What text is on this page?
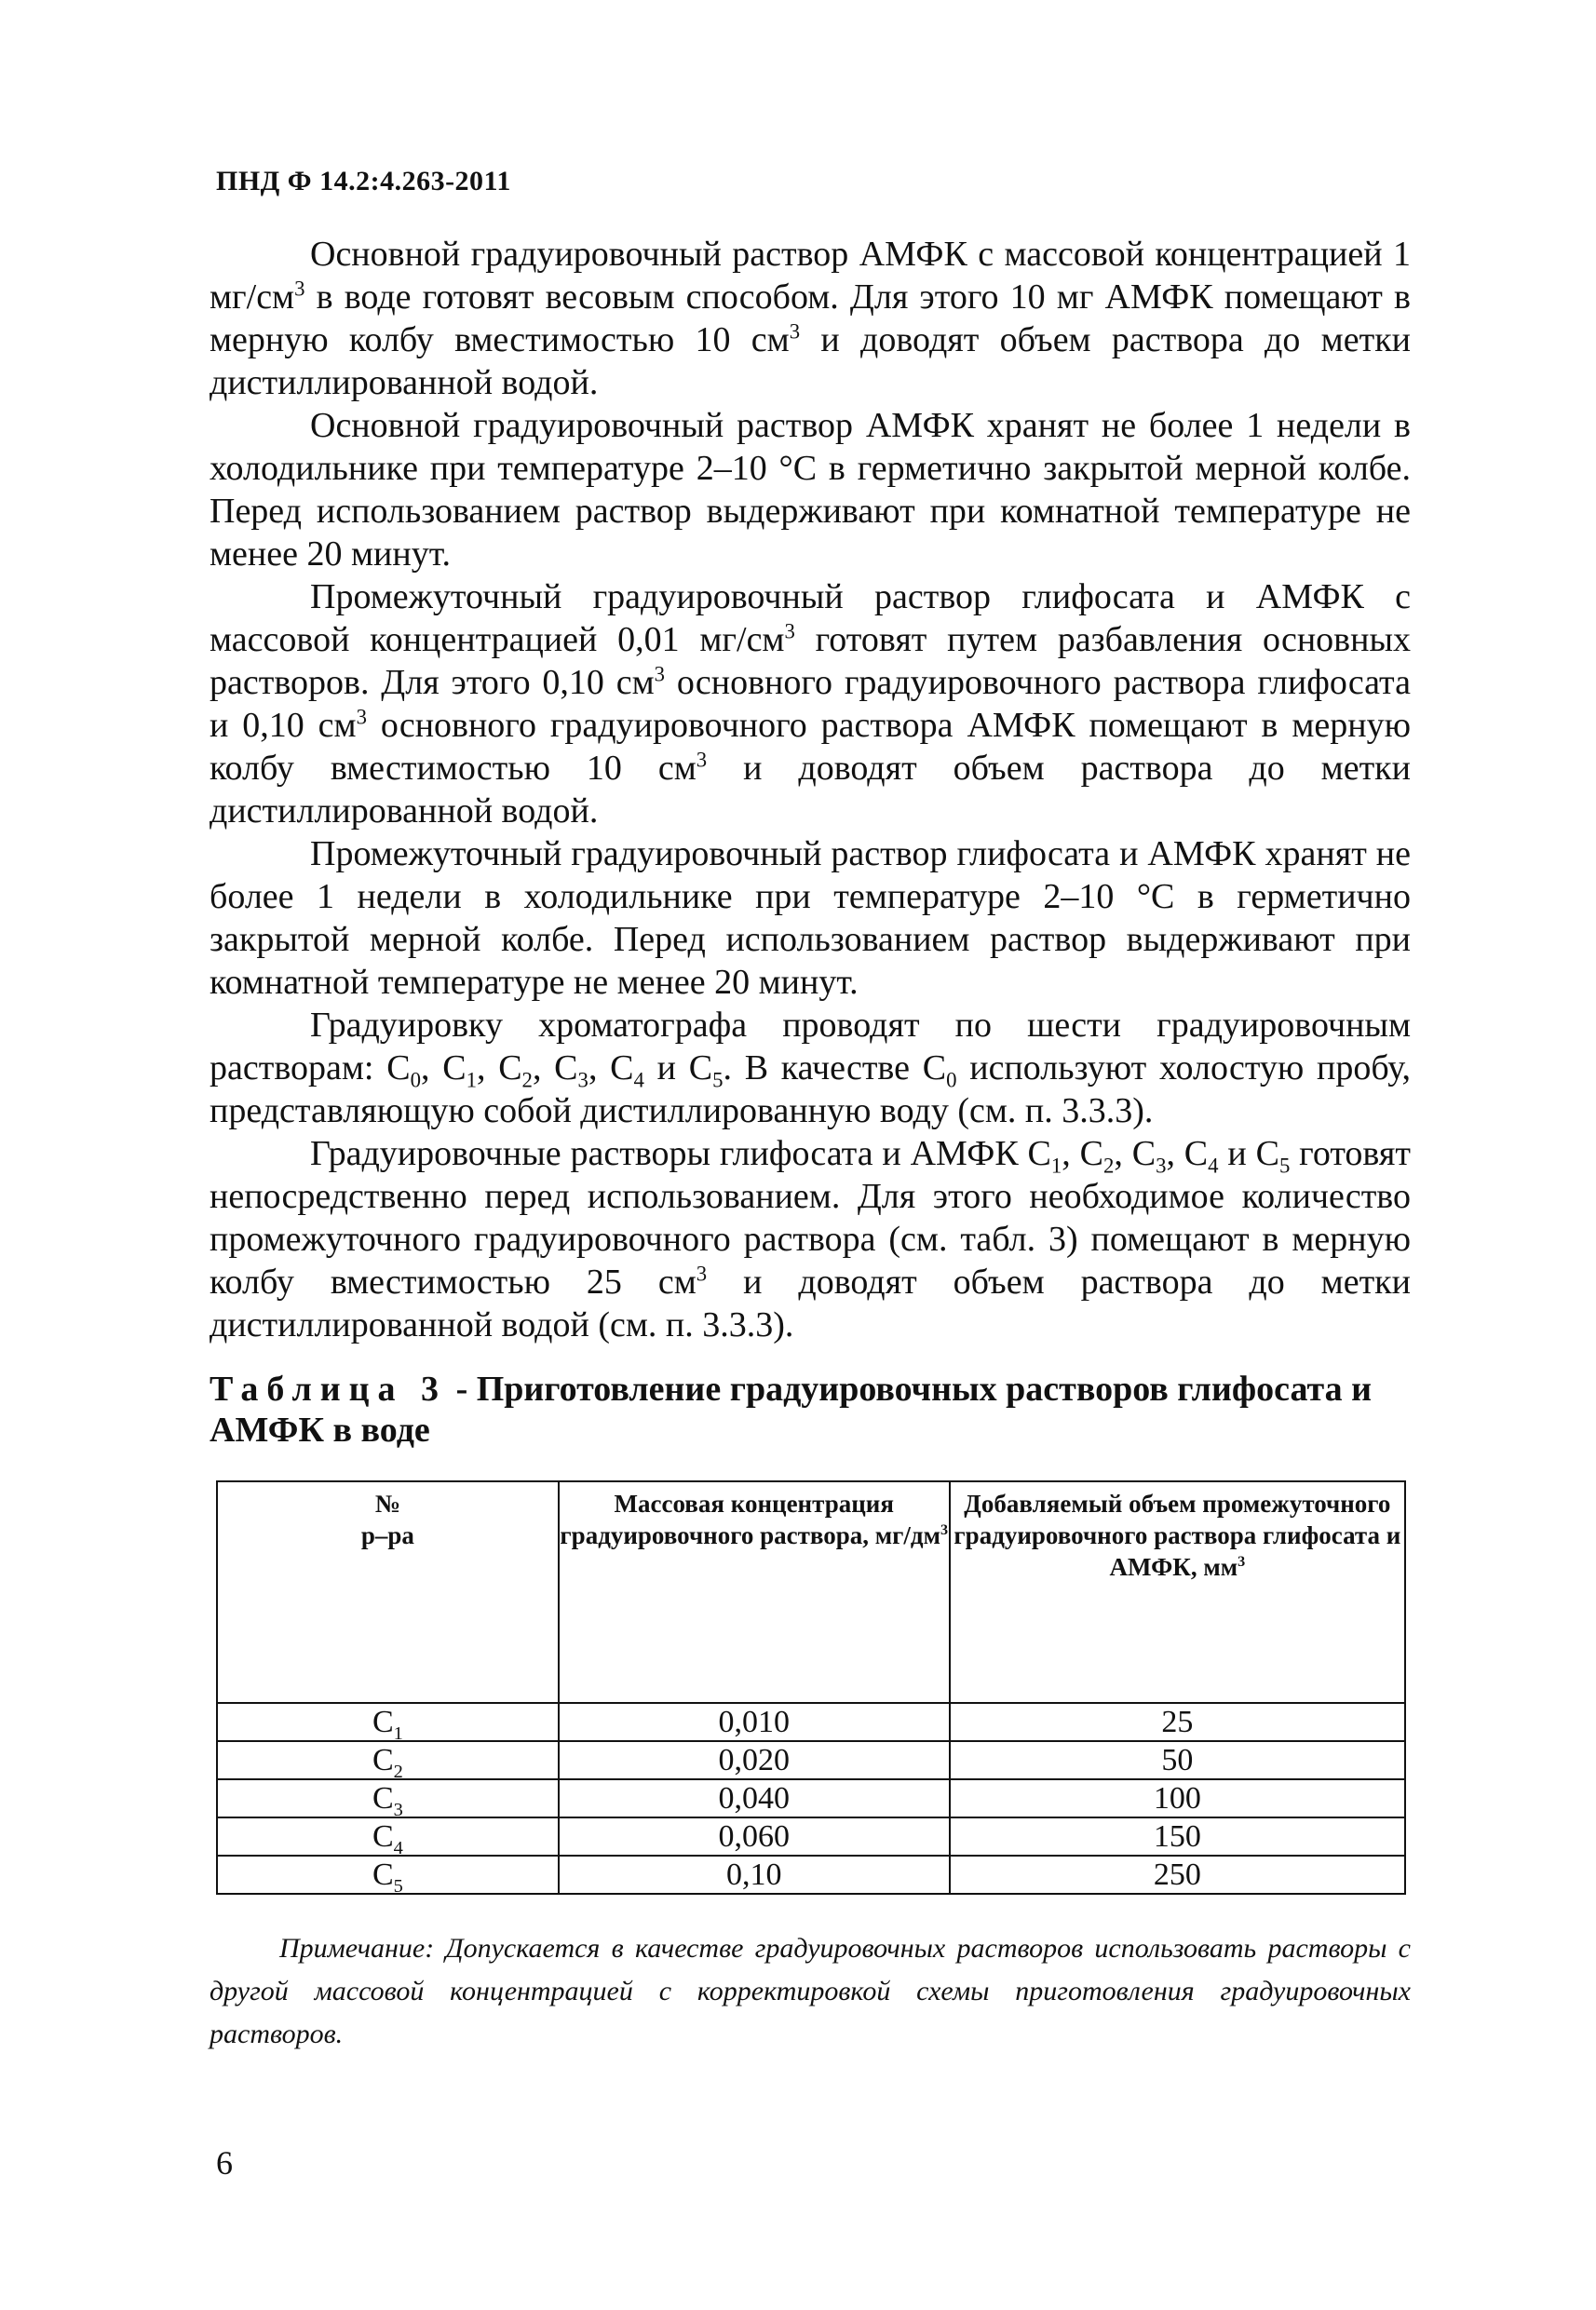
ПНД Ф 14.2:4.263-2011

Основной градуировочный раствор АМФК с массовой концентрацией 1 $мг/см^3$ в воде готовят весовым способом. Для этого 10 мг АМФК помещают в мерную колбу вместимостью 10 $см^3$ и доводят объем раствора до метки дистиллированной водой.

Основной градуировочный раствор АМФК хранят не более 1 недели в холодильнике при температуре 2–10 °С в герметично закрытой мерной колбе. Перед использованием раствор выдерживают при комнатной температуре не менее 20 минут.

Промежуточный градуировочный раствор глифосата и АМФК с массовой концентрацией 0,01 $мг/см^3$ готовят путем разбавления основных растворов. Для этого 0,10 $см^3$ основного градуировочного раствора глифосата и 0,10 $см^3$ основного градуировочного раствора АМФК помещают в мерную колбу вместимостью 10 $см^3$ и доводят объем раствора до метки дистиллированной водой.

Промежуточный градуировочный раствор глифосата и АМФК хранят не более 1 недели в холодильнике при температуре 2–10 °С в герметично закрытой мерной колбе. Перед использованием раствор выдерживают при комнатной температуре не менее 20 минут.

Градуировку хроматографа проводят по шести градуировочным растворам: $С_0$, $С_1$, $С_2$, $С_3$, $С_4$ и $С_5$. В качестве $С_0$ используют холостую пробу, представляющую собой дистиллированную воду (см. п. 3.3.3).

Градуировочные растворы глифосата и АМФК $С_1$, $С_2$, $С_3$, $С_4$ и $С_5$ готовят непосредственно перед использованием. Для этого необходимое количество промежуточного градуировочного раствора (см. табл. 3) помещают в мерную колбу вместимостью 25 $см^3$ и доводят объем раствора до метки дистиллированной водой (см. п. 3.3.3).

Таблица 3 - Приготовление градуировочных растворов глифосата и АМФК в воде
№
р–ра	Массовая концентрация градуировочного раствора, $мг/дм^3$	Добавляемый объем промежуточного градуировочного раствора глифосата и АМФК, $мм^3$
$С_1$	0,010	25
$С_2$	0,020	50
$С_3$	0,040	100
$С_4$	0,060	150
$С_5$	0,10	250

Примечание: Допускается в качестве градуировочных растворов использовать растворы с другой массовой концентрацией с корректировкой схемы приготовления градуировочных растворов.

6
